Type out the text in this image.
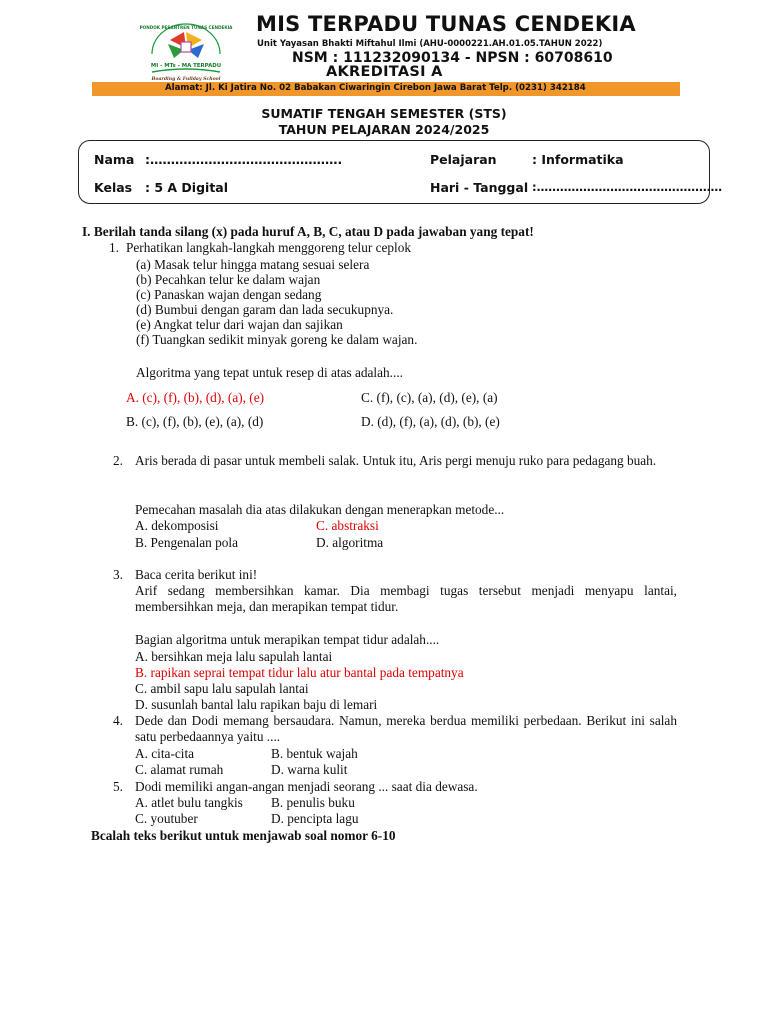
PONDOK PESANTREN TUNAS CENDEKIA
MI - MTs - MA TERPADU
Boarding & Fullday School
MIS TERPADU TUNAS CENDEKIA
Unit Yayasan Bhakti Miftahul Ilmi (AHU-0000221.AH.01.05.TAHUN 2022)
NSM : 111232090134 - NPSN : 60708610
AKREDITASI A
Alamat: Jl. Ki Jatira No. 02 Babakan Ciwaringin Cirebon Jawa Barat Telp. (0231) 342184
SUMATIF TENGAH SEMESTER (STS)
TAHUN PELAJARAN 2024/2025
Nama :……………………………………….
Kelas : 5 A Digital
Pelajaran	: Informatika
Hari - Tanggal :…………………………………………
I. Berilah tanda silang (x) pada huruf A, B, C, atau D pada jawaban yang tepat!
1. Perhatikan langkah-langkah menggoreng telur ceplok
(a) Masak telur hingga matang sesuai selera
(b) Pecahkan telur ke dalam wajan
(c) Panaskan wajan dengan sedang
(d) Bumbui dengan garam dan lada secukupnya.
(e) Angkat telur dari wajan dan sajikan
(f) Tuangkan sedikit minyak goreng ke dalam wajan.
Algoritma yang tepat untuk resep di atas adalah....
A. (c), (f), (b), (d), (a), (e)	C. (f), (c), (a), (d), (e), (a)
B. (c), (f), (b), (e), (a), (d)	D. (d), (f), (a), (d), (b), (e)
2. Aris berada di pasar untuk membeli salak. Untuk itu, Aris pergi menuju ruko para pedagang buah.
Pemecahan masalah dia atas dilakukan dengan menerapkan metode...
A. dekomposisi	C. abstraksi
B. Pengenalan pola	D. algoritma
3. Baca cerita berikut ini!
Arif sedang membersihkan kamar. Dia membagi tugas tersebut menjadi menyapu lantai, membersihkan meja, dan merapikan tempat tidur.
Bagian algoritma untuk merapikan tempat tidur adalah....
A. bersihkan meja lalu sapulah lantai
B. rapikan seprai tempat tidur lalu atur bantal pada tempatnya
C. ambil sapu lalu sapulah lantai
D. susunlah bantal lalu rapikan baju di lemari
4. Dede dan Dodi memang bersaudara. Namun, mereka berdua memiliki perbedaan. Berikut ini salah satu perbedaannya yaitu ....
A. cita-cita	B. bentuk wajah
C. alamat rumah	D. warna kulit
5. Dodi memiliki angan-angan menjadi seorang ... saat dia dewasa.
A. atlet bulu tangkis B. penulis buku
C. youtuber	D. pencipta lagu
Bcalah teks berikut untuk menjawab soal nomor 6-10
